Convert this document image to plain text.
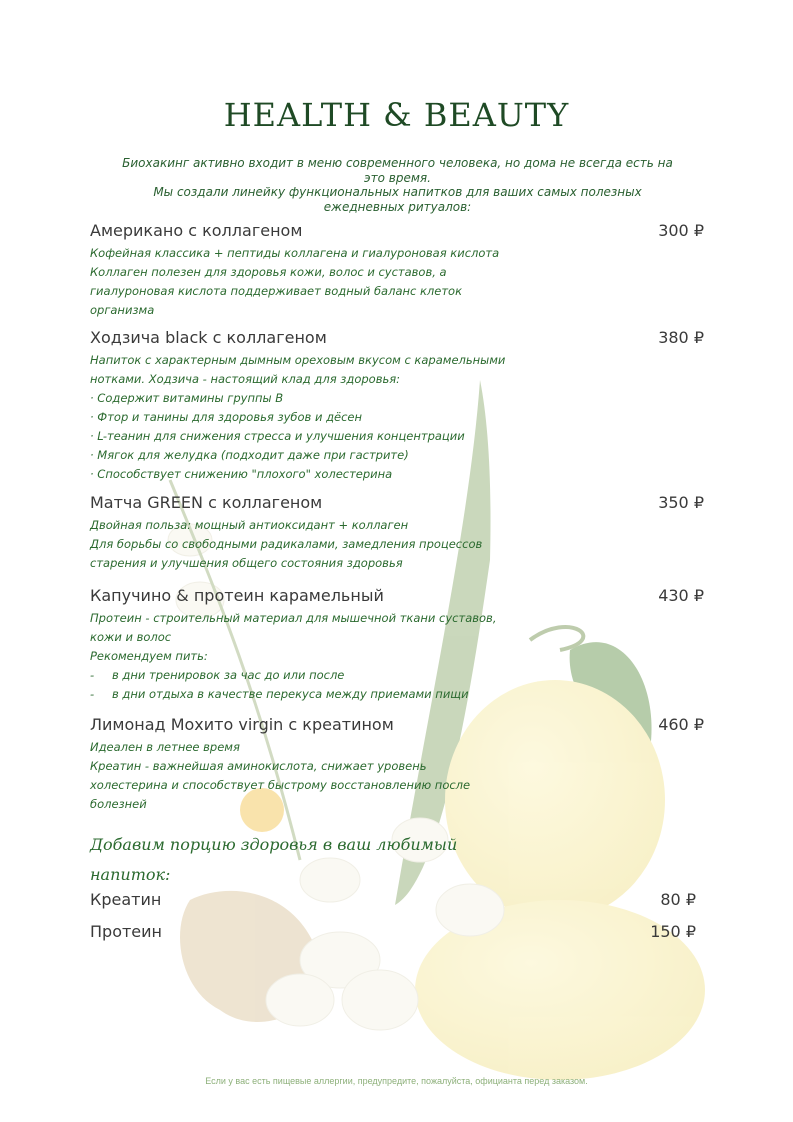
HEALTH & BEAUTY
Биохакинг активно входит в меню современного человека, но дома не всегда есть на
это время.
Мы создали линейку функциональных напитков для ваших самых полезных
ежедневных ритуалов:
Американо с коллагеном	300 ₽
Кофейная классика + пептиды коллагена и гиалуроновая кислота
Коллаген полезен для здоровья кожи, волос и суставов, а
гиалуроновая кислота поддерживает водный баланс клеток
организма
Ходзича black с коллагеном	380 ₽
Напиток с характерным дымным ореховым вкусом с карамельными
нотками. Ходзича - настоящий клад для здоровья:
· Содержит витамины группы В
· Фтор и танины для здоровья зубов и дёсен
· L-теанин для снижения стресса и улучшения концентрации
· Мягок для желудка (подходит даже при гастрите)
· Способствует снижению "плохого" холестерина
Матча GREEN с коллагеном	350 ₽
Двойная польза: мощный антиоксидант + коллаген
Для борьбы со свободными радикалами, замедления процессов
старения и улучшения общего состояния здоровья
Капучино & протеин карамельный	430 ₽
Протеин - строительный материал для мышечной ткани суставов,
кожи и волос
Рекомендуем пить:
- в дни тренировок за час до или после
- в дни отдыха в качестве перекуса между приемами пищи
Лимонад Мохито virgin с креатином	460 ₽
Идеален в летнее время
Креатин - важнейшая аминокислота, снижает уровень
холестерина и способствует быстрому восстановлению после
болезней
Добавим порцию здоровья в ваш любимый напиток:
Креатин	80 ₽
Протеин	150 ₽
Если у вас есть пищевые аллергии, предупредите, пожалуйста, официанта перед заказом.
